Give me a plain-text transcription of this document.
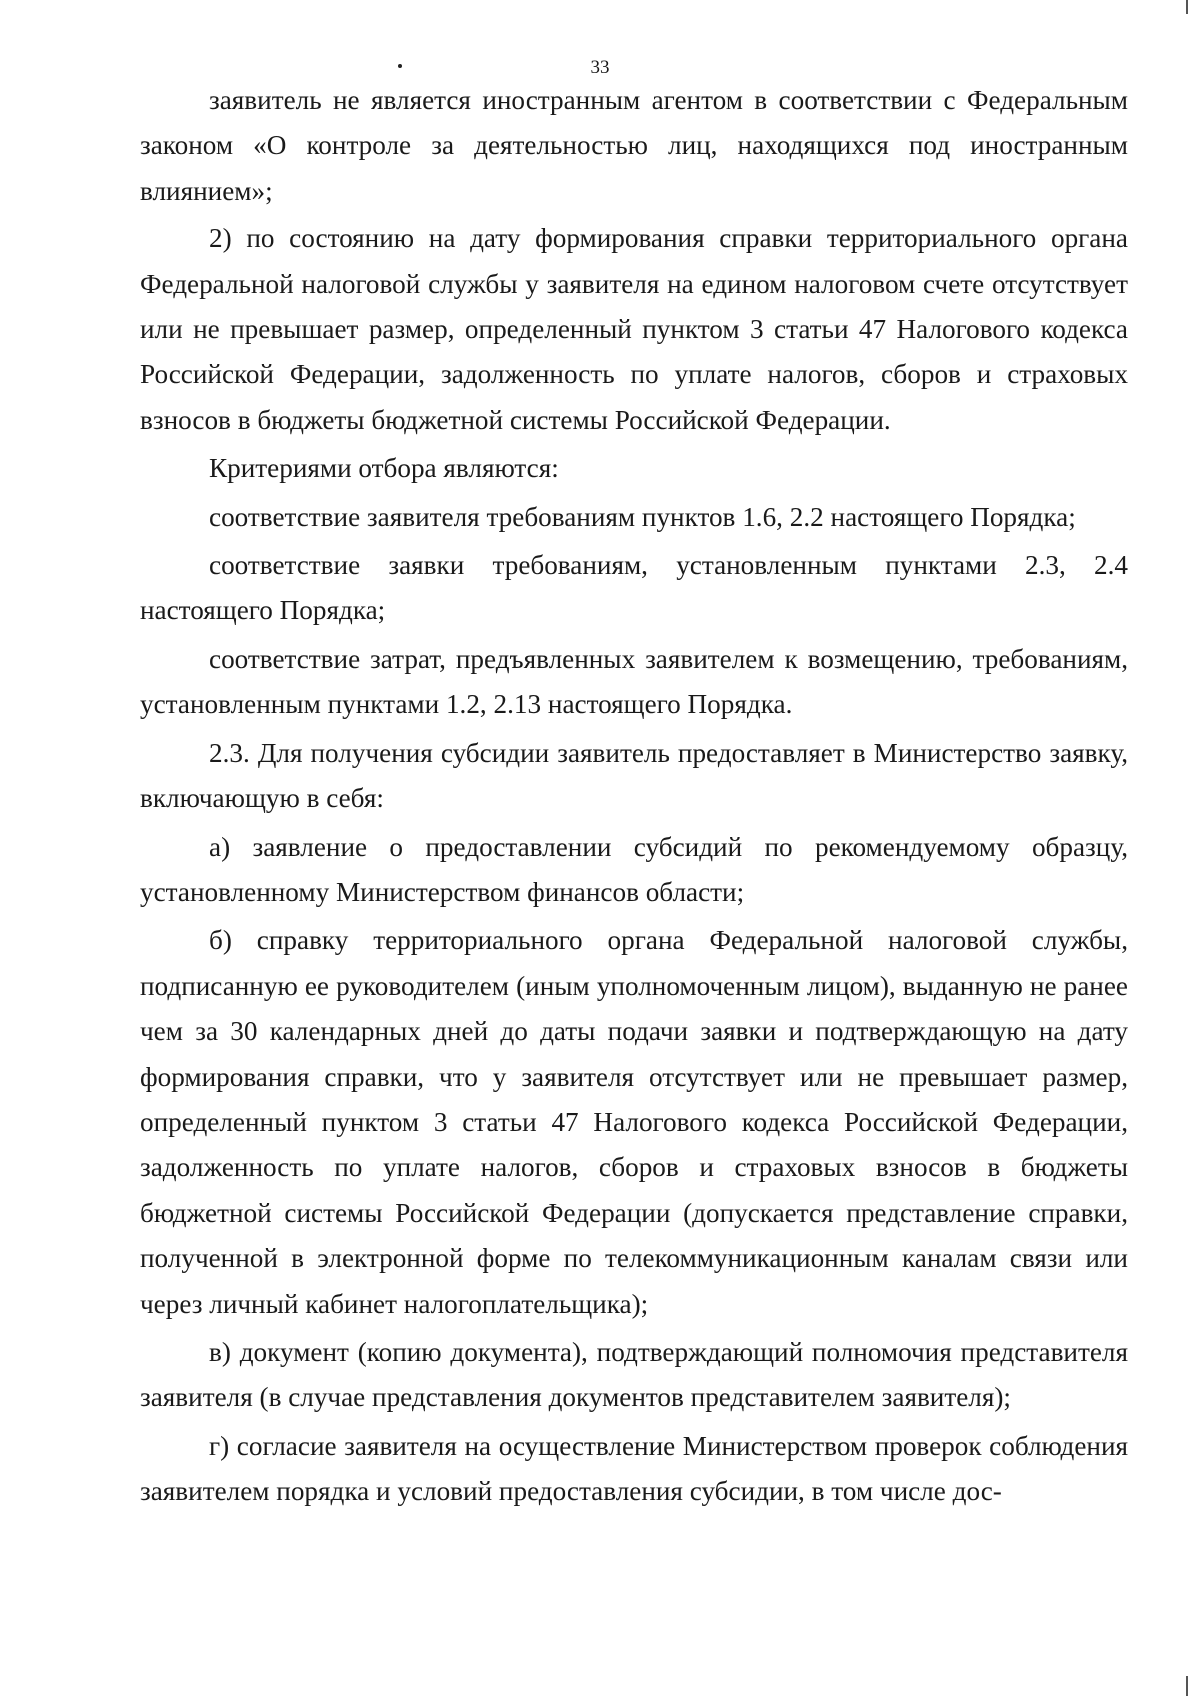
33

заявитель не является иностранным агентом в соответствии с Федеральным законом «О контроле за деятельностью лиц, находящихся под иностранным влиянием»;

2) по состоянию на дату формирования справки территориального органа Федеральной налоговой службы у заявителя на едином налоговом счете отсутствует или не превышает размер, определенный пунктом 3 статьи 47 Налогового кодекса Российской Федерации, задолженность по уплате налогов, сборов и страховых взносов в бюджеты бюджетной системы Российской Федерации.

Критериями отбора являются:

соответствие заявителя требованиям пунктов 1.6, 2.2 настоящего Порядка;

соответствие заявки требованиям, установленным пунктами 2.3, 2.4 настоящего Порядка;

соответствие затрат, предъявленных заявителем к возмещению, требованиям, установленным пунктами 1.2, 2.13 настоящего Порядка.

2.3. Для получения субсидии заявитель предоставляет в Министерство заявку, включающую в себя:

а) заявление о предоставлении субсидий по рекомендуемому образцу, установленному Министерством финансов области;

б) справку территориального органа Федеральной налоговой службы, подписанную ее руководителем (иным уполномоченным лицом), выданную не ранее чем за 30 календарных дней до даты подачи заявки и подтверждающую на дату формирования справки, что у заявителя отсутствует или не превышает размер, определенный пунктом 3 статьи 47 Налогового кодекса Российской Федерации, задолженность по уплате налогов, сборов и страховых взносов в бюджеты бюджетной системы Российской Федерации (допускается представление справки, полученной в электронной форме по телекоммуникационным каналам связи или через личный кабинет налогоплательщика);

в) документ (копию документа), подтверждающий полномочия представителя заявителя (в случае представления документов представителем заявителя);

г) согласие заявителя на осуществление Министерством проверок соблюдения заявителем порядка и условий предоставления субсидии, в том числе дос-
